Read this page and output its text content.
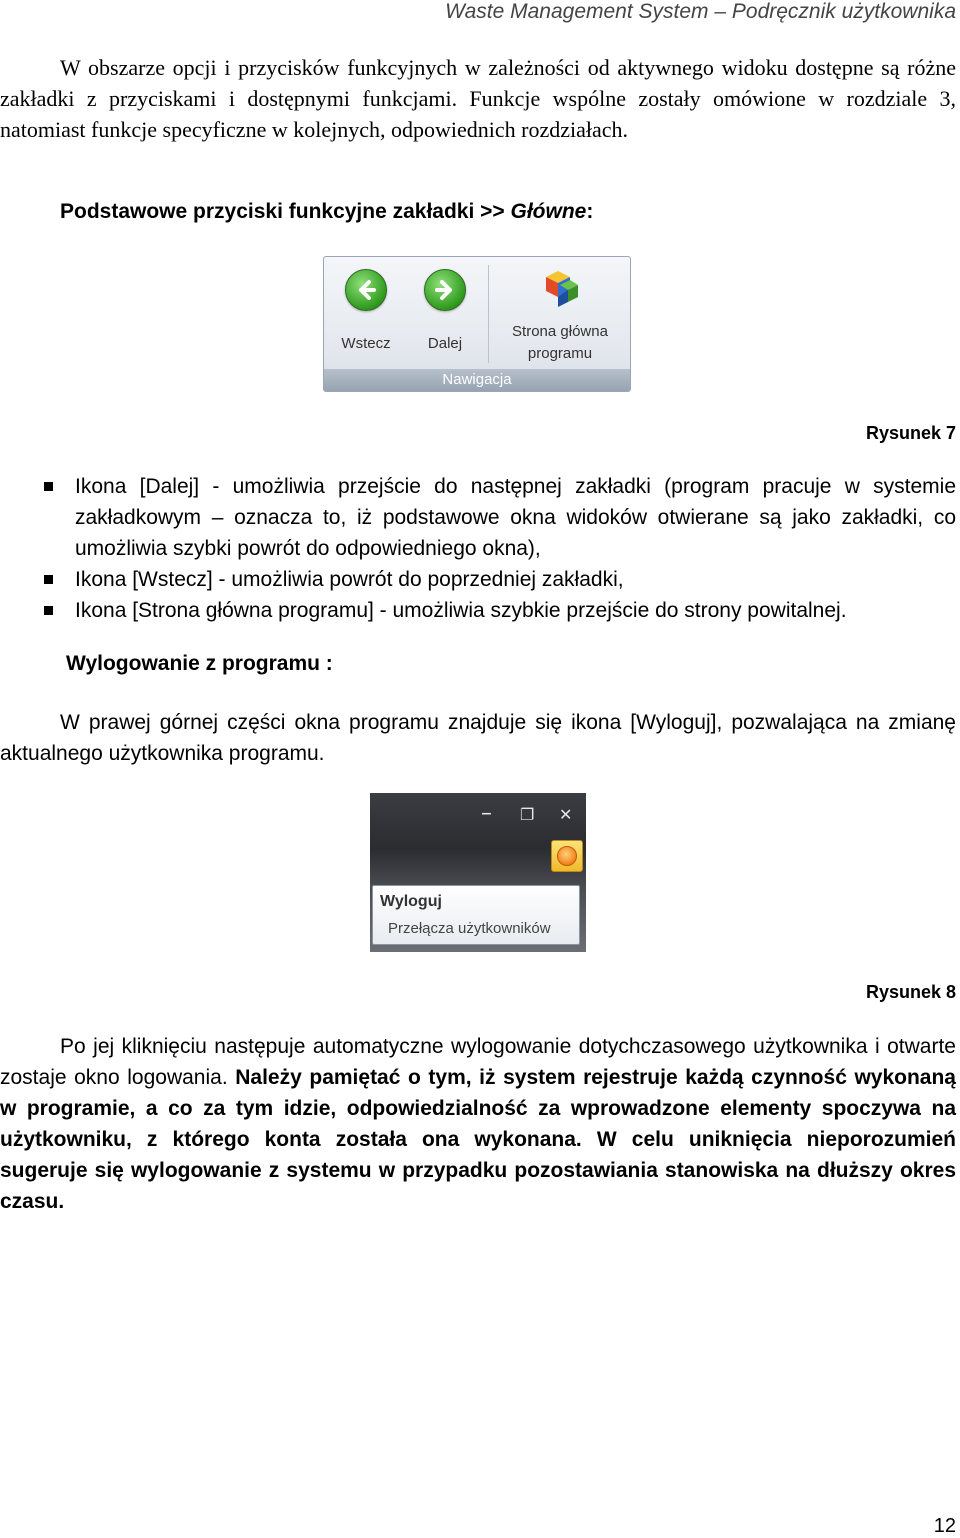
Waste Management System – Podręcznik użytkownika
W obszarze opcji i przycisków funkcyjnych w zależności od aktywnego widoku dostępne są różne zakładki z przyciskami i dostępnymi funkcjami. Funkcje wspólne zostały omówione w rozdziale 3, natomiast funkcje specyficzne w kolejnych, odpowiednich rozdziałach.
Podstawowe przyciski funkcyjne zakładki >> Główne:
Wstecz	Dalej
Strona główna
programu
Nawigacja
Rysunek 7
Ikona [Dalej] - umożliwia przejście do następnej zakładki (program pracuje w systemie zakładkowym – oznacza to, iż podstawowe okna widoków otwierane są jako zakładki, co umożliwia szybki powrót do odpowiedniego okna),
Ikona [Wstecz] - umożliwia powrót do poprzedniej zakładki,
Ikona [Strona główna programu] - umożliwia szybkie przejście do strony powitalnej.
Wylogowanie z programu :
W prawej górnej części okna programu znajduje się ikona [Wyloguj], pozwalająca na zmianę aktualnego użytkownika programu.
‒ ❐ ✕
Wyloguj
Przełącza użytkowników
Rysunek 8
Po jej kliknięciu następuje automatyczne wylogowanie dotychczasowego użytkownika i otwarte zostaje okno logowania. Należy pamiętać o tym, iż system rejestruje każdą czynność wykonaną w programie, a co za tym idzie, odpowiedzialność za wprowadzone elementy spoczywa na użytkowniku, z którego konta została ona wykonana. W celu uniknięcia nieporozumień sugeruje się wylogowanie z systemu w przypadku pozostawiania stanowiska na dłuższy okres czasu.
12
